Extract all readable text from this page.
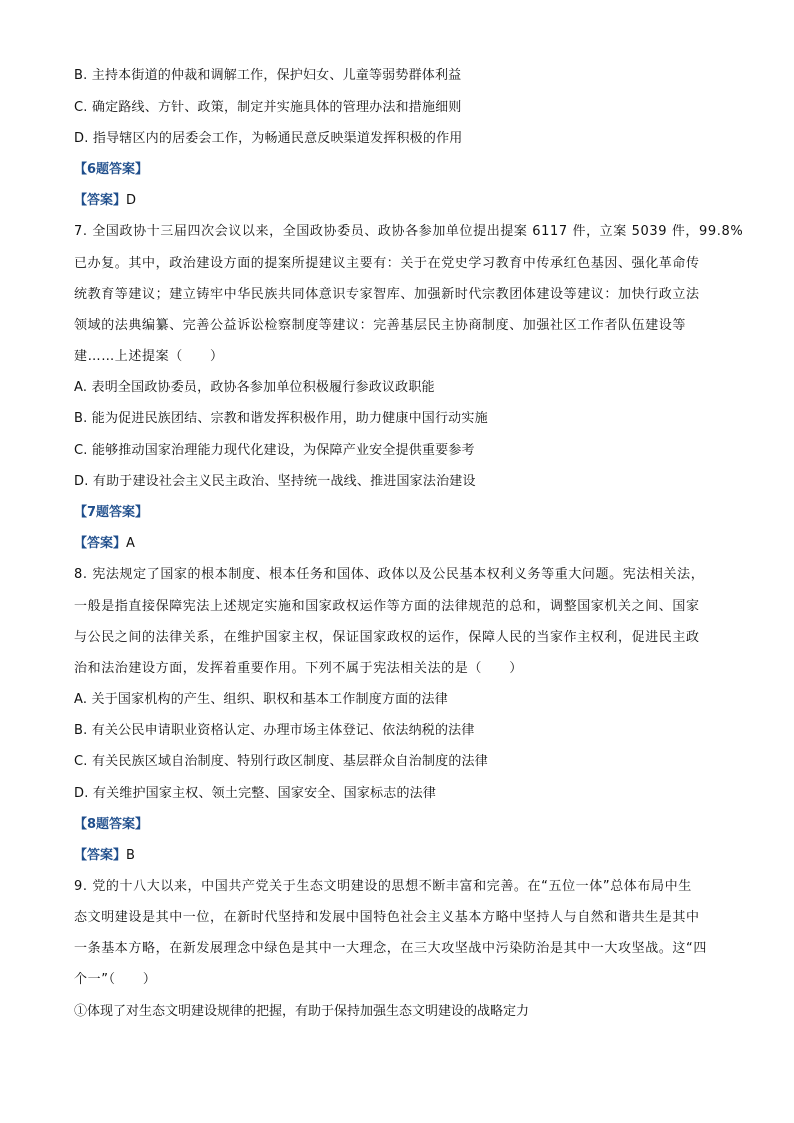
B. 主持本街道的仲裁和调解工作，保护妇女、儿童等弱势群体利益
C. 确定路线、方针、政策，制定并实施具体的管理办法和措施细则
D. 指导辖区内的居委会工作，为畅通民意反映渠道发挥积极的作用
【6题答案】
【答案】D
7. 全国政协十三届四次会议以来，全国政协委员、政协各参加单位提出提案 6117 件，立案 5039 件，99.8%
已办复。其中，政治建设方面的提案所提建议主要有：关于在党史学习教育中传承红色基因、强化革命传
统教育等建议；建立铸牢中华民族共同体意识专家智库、加强新时代宗教团体建设等建议：加快行政立法
领域的法典编纂、完善公益诉讼检察制度等建议：完善基层民主协商制度、加强社区工作者队伍建设等
建……上述提案（　　）
A. 表明全国政协委员，政协各参加单位积极履行参政议政职能
B. 能为促进民族团结、宗教和谐发挥积极作用，助力健康中国行动实施
C. 能够推动国家治理能力现代化建设，为保障产业安全提供重要参考
D. 有助于建设社会主义民主政治、坚持统一战线、推进国家法治建设
【7题答案】
【答案】A
8. 宪法规定了国家的根本制度、根本任务和国体、政体以及公民基本权利义务等重大问题。宪法相关法，
一般是指直接保障宪法上述规定实施和国家政权运作等方面的法律规范的总和，调整国家机关之间、国家
与公民之间的法律关系，在维护国家主权，保证国家政权的运作，保障人民的当家作主权利，促进民主政
治和法治建设方面，发挥着重要作用。下列不属于宪法相关法的是（　　）
A. 关于国家机构的产生、组织、职权和基本工作制度方面的法律
B. 有关公民申请职业资格认定、办理市场主体登记、依法纳税的法律
C. 有关民族区域自治制度、特别行政区制度、基层群众自治制度的法律
D. 有关维护国家主权、领土完整、国家安全、国家标志的法律
【8题答案】
【答案】B
9. 党的十八大以来，中国共产党关于生态文明建设的思想不断丰富和完善。在“五位一体”总体布局中生
态文明建设是其中一位，在新时代坚持和发展中国特色社会主义基本方略中坚持人与自然和谐共生是其中
一条基本方略，在新发展理念中绿色是其中一大理念，在三大攻坚战中污染防治是其中一大攻坚战。这“四
个一”（　　）
①体现了对生态文明建设规律的把握，有助于保持加强生态文明建设的战略定力
